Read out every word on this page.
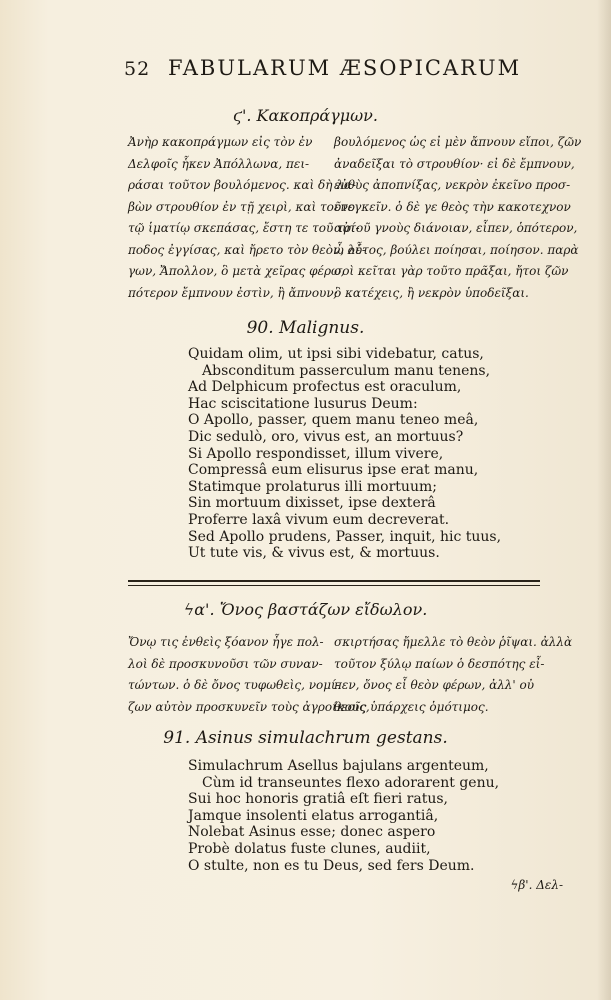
52 FABULARUM ÆSOPICARUM
ϛ'. Κακοπράγμων.
Ἀνὴρ κακοπράγμων εἰς τὸν ἐν
Δελφοῖς ἧκεν Ἀπόλλωνα, πει-
ράσαι τοῦτον βουλόμενος. καὶ δὴ λα-
βὼν στρουθίον ἐν τῇ χειρὶ, καὶ τοῦτο
τῷ ἱματίῳ σκεπάσας, ἔστη τε τοῦ τρί-
ποδος ἐγγίσας, καὶ ἤρετο τὸν θεὸν, λέ-
γων, Ἄπολλον, ὃ μετὰ χεῖρας φέρω,
πότερον ἔμπνουν ἐστὶν, ἢ ἄπνουν;
βουλόμενος ὡς εἰ μὲν ἄπνουν εἴποι, ζῶν
ἀναδεῖξαι τὸ στρουθίον· εἰ δὲ ἔμπνουν,
εὐθὺς ἀποπνίξας, νεκρὸν ἐκεῖνο προσ-
ενεγκεῖν. ὁ δὲ γε θεὸς τὴν κακοτεχνον
αὐτοῦ γνοὺς διάνοιαν, εἶπεν, ὁπότερον,
ὦ οὗτος, βούλει ποίησαι, ποίησον. παρὰ
σοὶ κεῖται γὰρ τοῦτο πρᾶξαι, ἤτοι ζῶν
ὃ κατέχεις, ἢ νεκρὸν ὑποδεῖξαι.
90. Malignus.
Quidam olim, ut ipsi sibi videbatur, catus,
Absconditum passerculum manu tenens,
Ad Delphicum profectus est oraculum,
Hac sciscitatione lusurus Deum:
O Apollo, passer, quem manu teneo meâ,
Dic sedulò, oro, vivus est, an mortuus?
Si Apollo respondisset, illum vivere,
Compressâ eum elisurus ipse erat manu,
Statimque prolaturus illi mortuum;
Sin mortuum dixisset, ipse dexterâ
Proferre laxâ vivum eum decreverat.
Sed Apollo prudens, Passer, inquit, hic tuus,
Ut tute vis, & vivus est, & mortuus.
ϟα'. Ὄνος βαστάζων εἴδωλον.
Ὄνῳ τις ἐνθεὶς ξόανον ἦγε πολ-
λοὶ δὲ προσκυνοῦσι τῶν συναν-
τώντων. ὁ δὲ ὄνος τυφωθεὶς, νομί-
ζων αὐτὸν προσκυνεῖν τοὺς ἀγροίκους,
σκιρτήσας ἤμελλε τὸ θεὸν ῥῖψαι. ἀλλὰ
τοῦτον ξύλῳ παίων ὁ δεσπότης εἶ-
πεν, ὄνος εἶ θεὸν φέρων, ἀλλ' οὐ
θεοῖς ὑπάρχεις ὁμότιμος.
91. Asinus simulachrum gestans.
Simulachrum Asellus bajulans argenteum,
Cùm id transeuntes flexo adorarent genu,
Sui hoc honoris gratiâ eſt fieri ratus,
Jamque insolenti elatus arrogantiâ,
Nolebat Asinus esse; donec aspero
Probè dolatus fuste clunes, audiit,
O stulte, non es tu Deus, sed fers Deum.
ϟβ'. Δελ-
